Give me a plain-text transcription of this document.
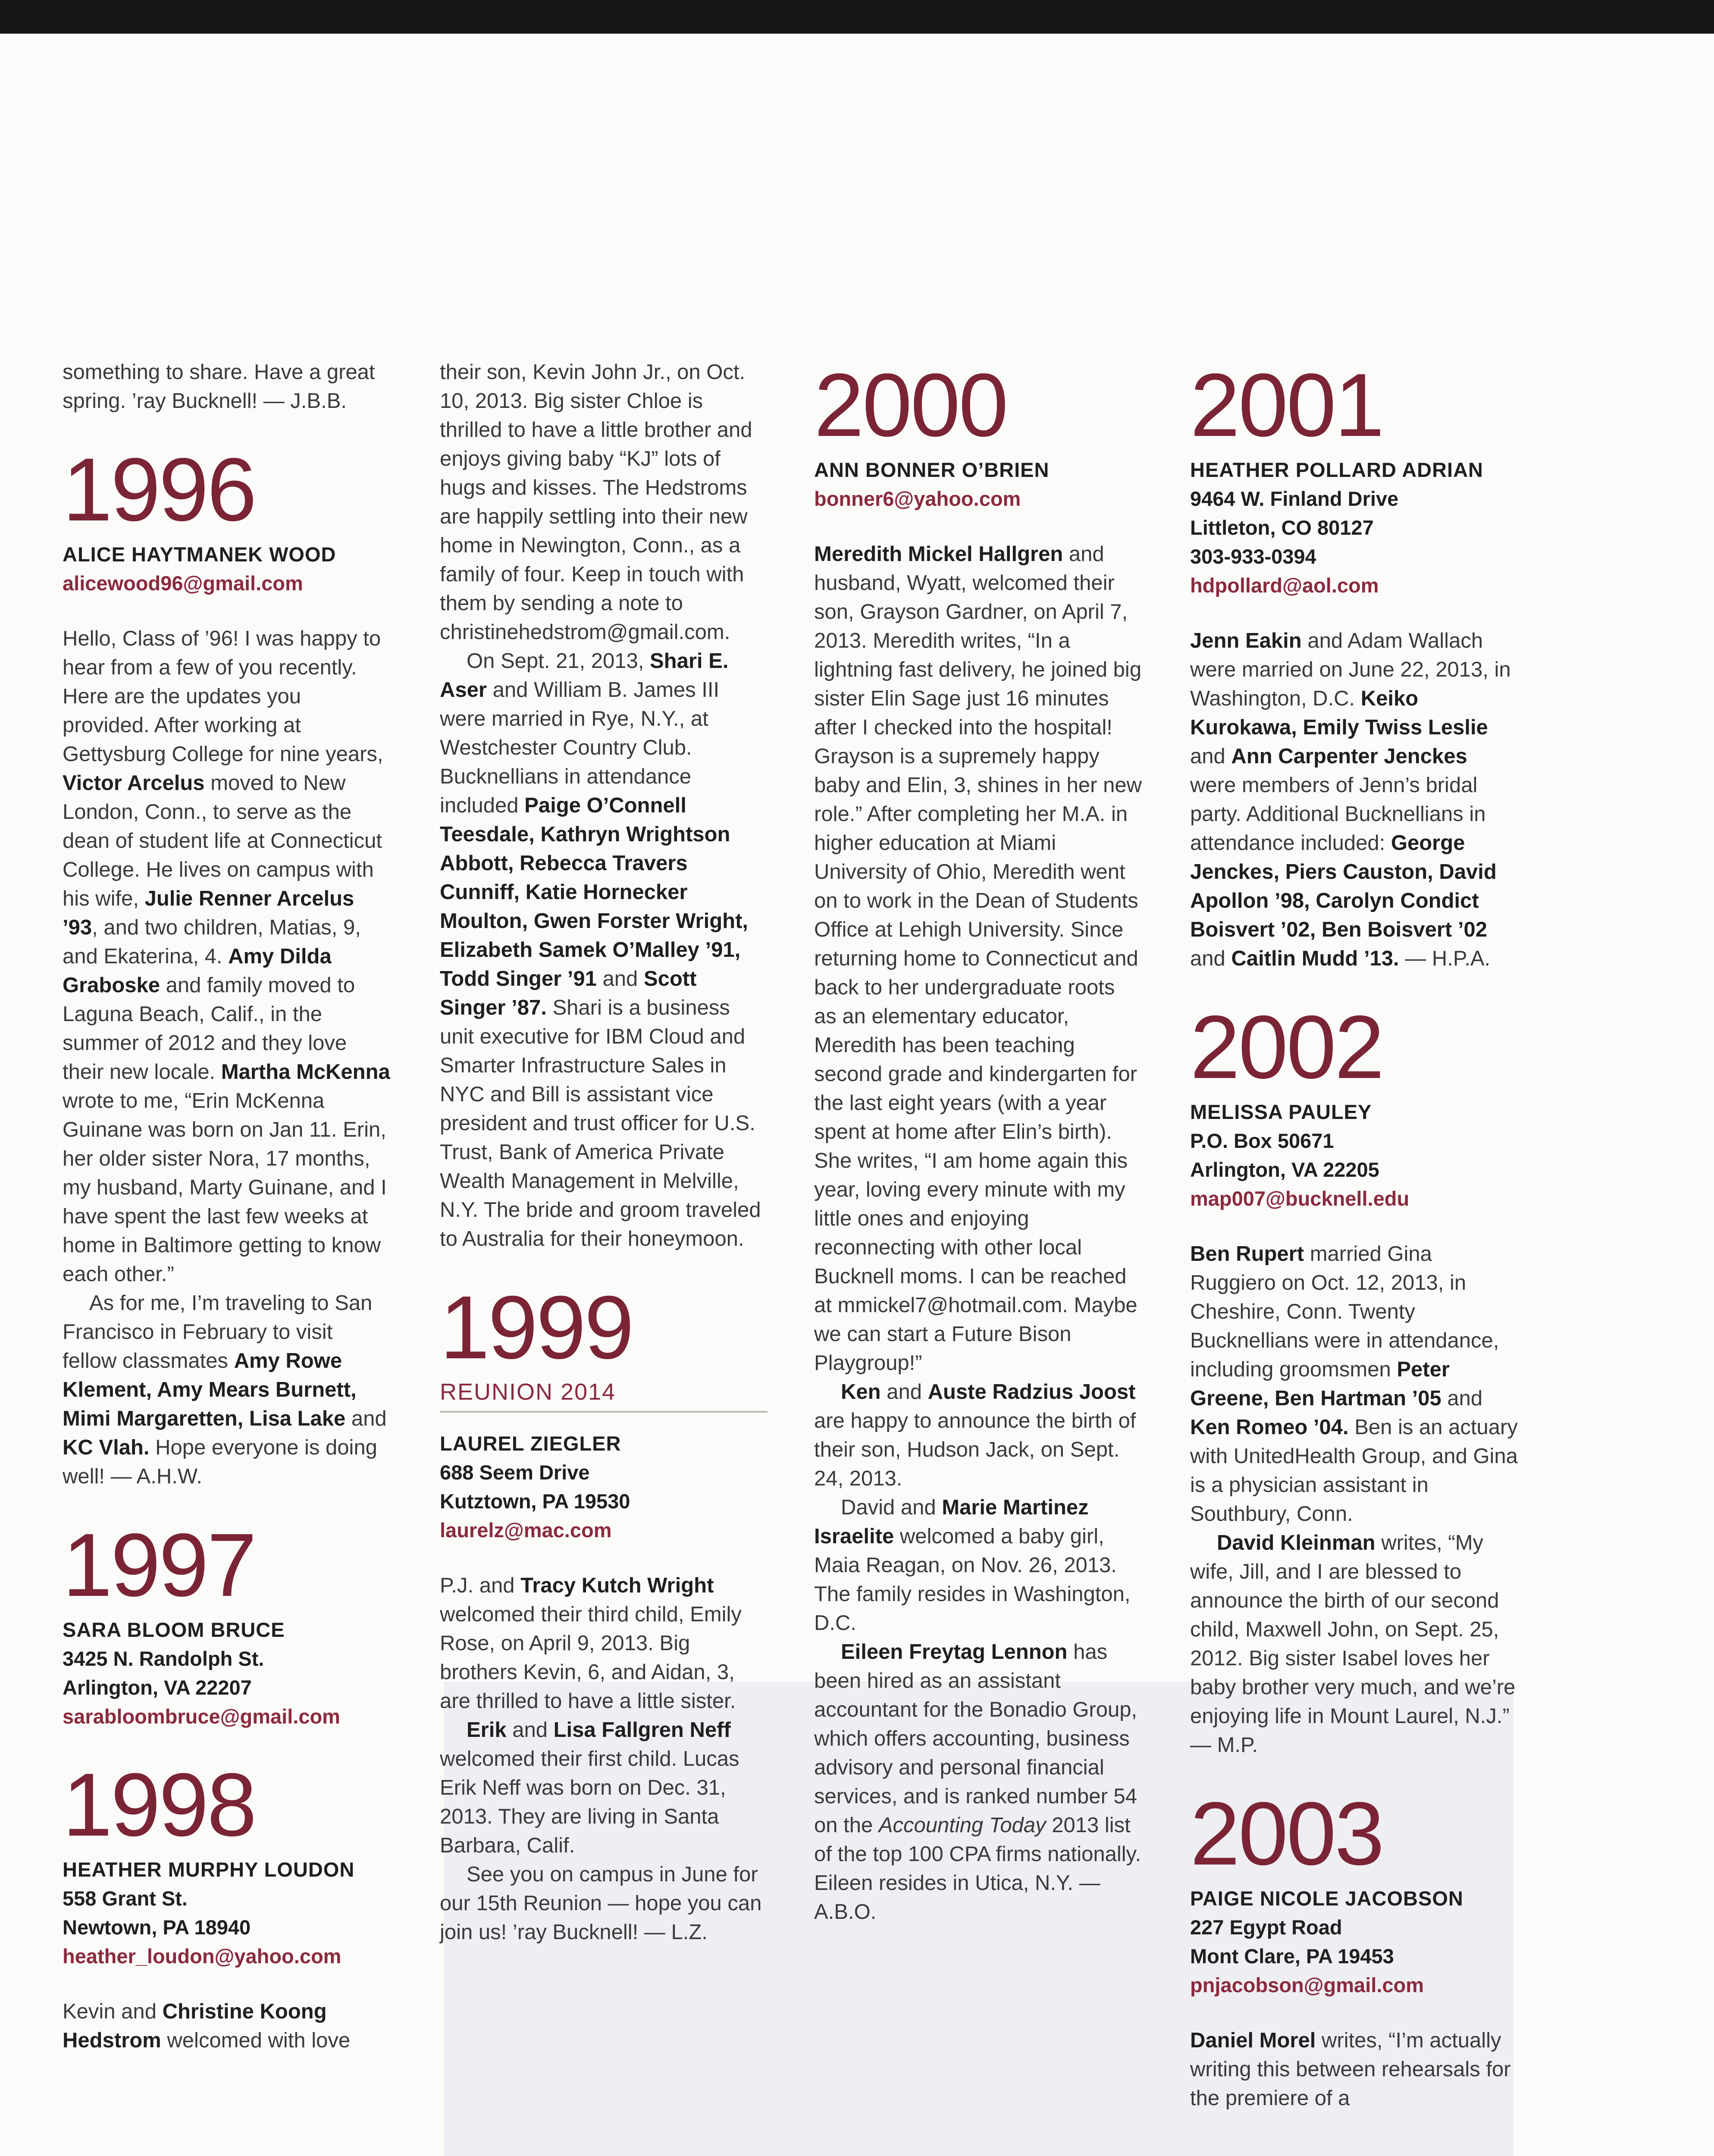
something to share. Have a great spring. ’ray Bucknell! — J.B.B.

1996
ALICE HAYTMANEK WOOD
alicewood96@gmail.com

Hello, Class of ’96! I was happy to hear from a few of you recently. Here are the updates you provided. After working at Gettysburg College for nine years, Victor Arcelus moved to New London, Conn., to serve as the dean of student life at Connecticut College. He lives on campus with his wife, Julie Renner Arcelus ’93, and two children, Matias, 9, and Ekaterina, 4. Amy Dilda Graboske and family moved to Laguna Beach, Calif., in the summer of 2012 and they love their new locale. Martha McKenna wrote to me, “Erin McKenna Guinane was born on Jan 11. Erin, her older sister Nora, 17 months, my husband, Marty Guinane, and I have spent the last few weeks at home in Baltimore getting to know each other.”

As for me, I’m traveling to San Francisco in February to visit fellow classmates Amy Rowe Klement, Amy Mears Burnett, Mimi Margaretten, Lisa Lake and KC Vlah. Hope everyone is doing well! — A.H.W.

1997
SARA BLOOM BRUCE
3425 N. Randolph St.
Arlington, VA 22207
sarabloombruce@gmail.com
1998
HEATHER MURPHY LOUDON
558 Grant St.
Newtown, PA 18940
heather_loudon@yahoo.com

Kevin and Christine Koong Hedstrom welcomed with love

their son, Kevin John Jr., on Oct. 10, 2013. Big sister Chloe is thrilled to have a little brother and enjoys giving baby “KJ” lots of hugs and kisses. The Hedstroms are happily settling into their new home in Newington, Conn., as a family of four. Keep in touch with them by sending a note to christinehedstrom@gmail.com.

On Sept. 21, 2013, Shari E. Aser and William B. James III were married in Rye, N.Y., at Westchester Country Club. Bucknellians in attendance included Paige O’Connell Teesdale, Kathryn Wrightson Abbott, Rebecca Travers Cunniff, Katie Hornecker Moulton, Gwen Forster Wright, Elizabeth Samek O’Malley ’91, Todd Singer ’91 and Scott Singer ’87. Shari is a business unit executive for IBM Cloud and Smarter Infrastructure Sales in NYC and Bill is assistant vice president and trust officer for U.S. Trust, Bank of America Private Wealth Management in Melville, N.Y. The bride and groom traveled to Australia for their honeymoon.

1999
REUNION 2014
LAUREL ZIEGLER
688 Seem Drive
Kutztown, PA 19530
laurelz@mac.com

P.J. and Tracy Kutch Wright welcomed their third child, Emily Rose, on April 9, 2013. Big brothers Kevin, 6, and Aidan, 3, are thrilled to have a little sister.

Erik and Lisa Fallgren Neff welcomed their first child. Lucas Erik Neff was born on Dec. 31, 2013. They are living in Santa Barbara, Calif.

See you on campus in June for our 15th Reunion — hope you can join us! ’ray Bucknell! — L.Z.

2000
ANN BONNER O’BRIEN
bonner6@yahoo.com

Meredith Mickel Hallgren and husband, Wyatt, welcomed their son, Grayson Gardner, on April 7, 2013. Meredith writes, “In a lightning fast delivery, he joined big sister Elin Sage just 16 minutes after I checked into the hospital! Grayson is a supremely happy baby and Elin, 3, shines in her new role.” After completing her M.A. in higher education at Miami University of Ohio, Meredith went on to work in the Dean of Students Office at Lehigh University. Since returning home to Connecticut and back to her undergraduate roots as an elementary educator, Meredith has been teaching second grade and kindergarten for the last eight years (with a year spent at home after Elin’s birth). She writes, “I am home again this year, loving every minute with my little ones and enjoying reconnecting with other local Bucknell moms. I can be reached at mmickel7@hotmail.com. Maybe we can start a Future Bison Playgroup!”

Ken and Auste Radzius Joost are happy to announce the birth of their son, Hudson Jack, on Sept. 24, 2013.

David and Marie Martinez Israelite welcomed a baby girl, Maia Reagan, on Nov. 26, 2013. The family resides in Washington, D.C.

Eileen Freytag Lennon has been hired as an assistant accountant for the Bonadio Group, which offers accounting, business advisory and personal financial services, and is ranked number 54 on the Accounting Today 2013 list of the top 100 CPA firms nationally. Eileen resides in Utica, N.Y. — A.B.O.

2001
HEATHER POLLARD ADRIAN
9464 W. Finland Drive
Littleton, CO 80127
303-933-0394
hdpollard@aol.com

Jenn Eakin and Adam Wallach were married on June 22, 2013, in Washington, D.C. Keiko Kurokawa, Emily Twiss Leslie and Ann Carpenter Jenckes were members of Jenn’s bridal party. Additional Bucknellians in attendance included: George Jenckes, Piers Causton, David Apollon ’98, Carolyn Condict Boisvert ’02, Ben Boisvert ’02 and Caitlin Mudd ’13. — H.P.A.

2002
MELISSA PAULEY
P.O. Box 50671
Arlington, VA 22205
map007@bucknell.edu

Ben Rupert married Gina Ruggiero on Oct. 12, 2013, in Cheshire, Conn. Twenty Bucknellians were in attendance, including groomsmen Peter Greene, Ben Hartman ’05 and Ken Romeo ’04. Ben is an actuary with UnitedHealth Group, and Gina is a physician assistant in Southbury, Conn.

David Kleinman writes, “My wife, Jill, and I are blessed to announce the birth of our second child, Maxwell John, on Sept. 25, 2012. Big sister Isabel loves her baby brother very much, and we’re enjoying life in Mount Laurel, N.J.” — M.P.

2003
PAIGE NICOLE JACOBSON
227 Egypt Road
Mont Clare, PA 19453
pnjacobson@gmail.com

Daniel Morel writes, “I’m actually writing this between rehearsals for the premiere of a
